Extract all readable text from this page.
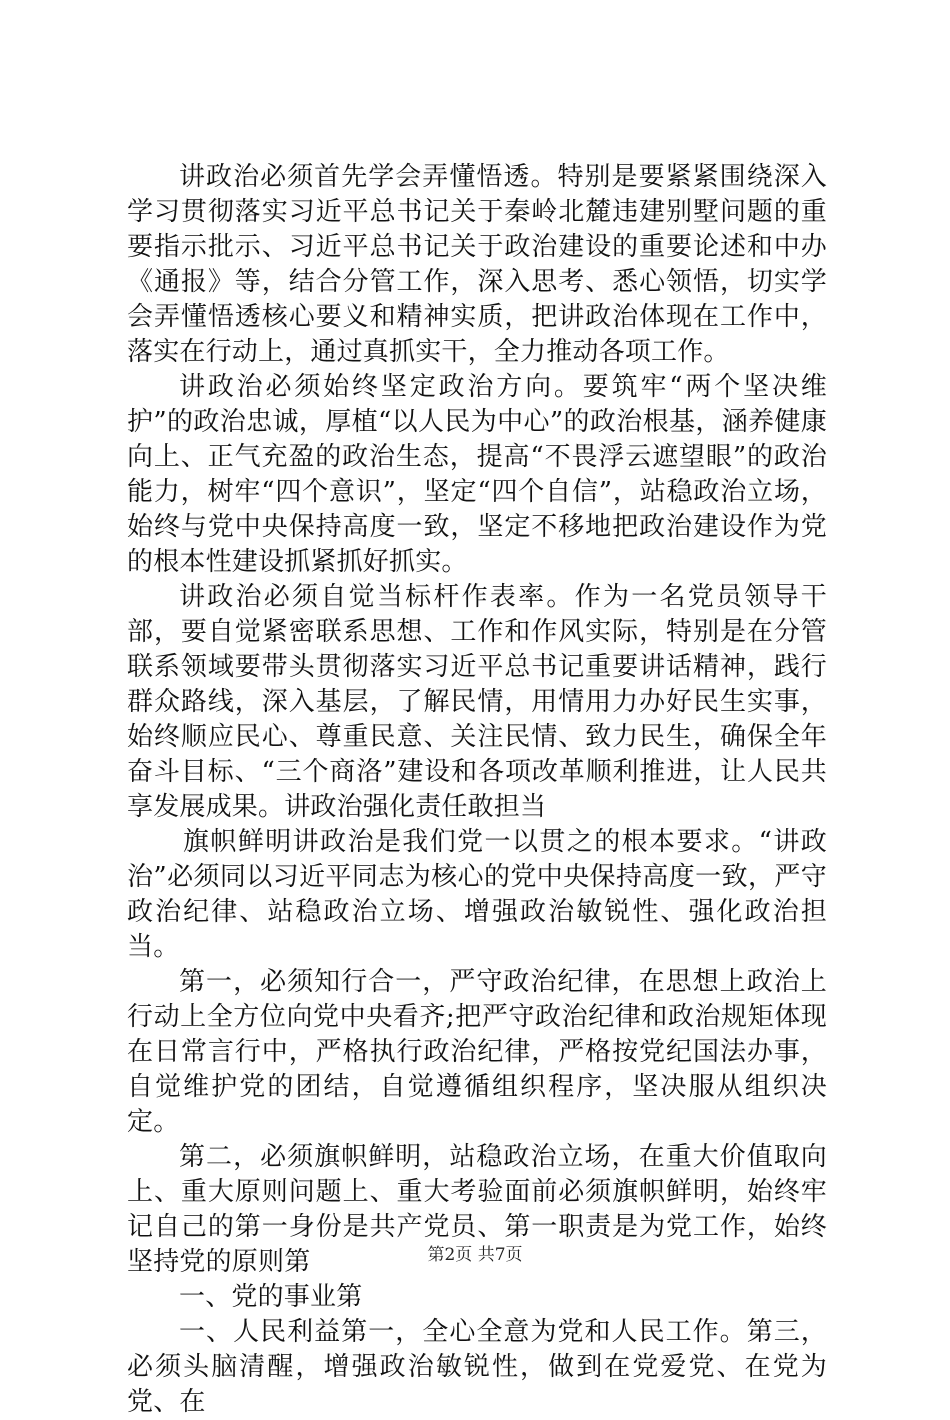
讲政治必须首先学会弄懂悟透。特别是要紧紧围绕深入学习贯彻落实习近平总书记关于秦岭北麓违建别墅问题的重要指示批示、习近平总书记关于政治建设的重要论述和中办《通报》等，结合分管工作，深入思考、悉心领悟，切实学会弄懂悟透核心要义和精神实质，把讲政治体现在工作中，落实在行动上，通过真抓实干，全力推动各项工作。

讲政治必须始终坚定政治方向。要筑牢“两个坚决维护”的政治忠诚，厚植“以人民为中心”的政治根基，涵养健康向上、正气充盈的政治生态，提高“不畏浮云遮望眼”的政治能力，树牢“四个意识”，坚定“四个自信”，站稳政治立场，始终与党中央保持高度一致，坚定不移地把政治建设作为党的根本性建设抓紧抓好抓实。

讲政治必须自觉当标杆作表率。作为一名党员领导干部，要自觉紧密联系思想、工作和作风实际，特别是在分管联系领域要带头贯彻落实习近平总书记重要讲话精神，践行群众路线，深入基层，了解民情，用情用力办好民生实事，始终顺应民心、尊重民意、关注民情、致力民生，确保全年奋斗目标、“三个商洛”建设和各项改革顺利推进，让人民共享发展成果。讲政治强化责任敢担当

旗帜鲜明讲政治是我们党一以贯之的根本要求。“讲政治”必须同以习近平同志为核心的党中央保持高度一致，严守政治纪律、站稳政治立场、增强政治敏锐性、强化政治担当。

第一，必须知行合一，严守政治纪律，在思想上政治上行动上全方位向党中央看齐;把严守政治纪律和政治规矩体现在日常言行中，严格执行政治纪律，严格按党纪国法办事，自觉维护党的团结，自觉遵循组织程序，坚决服从组织决定。

第二，必须旗帜鲜明，站稳政治立场，在重大价值取向上、重大原则问题上、重大考验面前必须旗帜鲜明，始终牢记自己的第一身份是共产党员、第一职责是为党工作，始终坚持党的原则第

一、党的事业第

一、人民利益第一，全心全意为党和人民工作。第三，必须头脑清醒，增强政治敏锐性，做到在党爱党、在党为党、在

第2页 共7页
